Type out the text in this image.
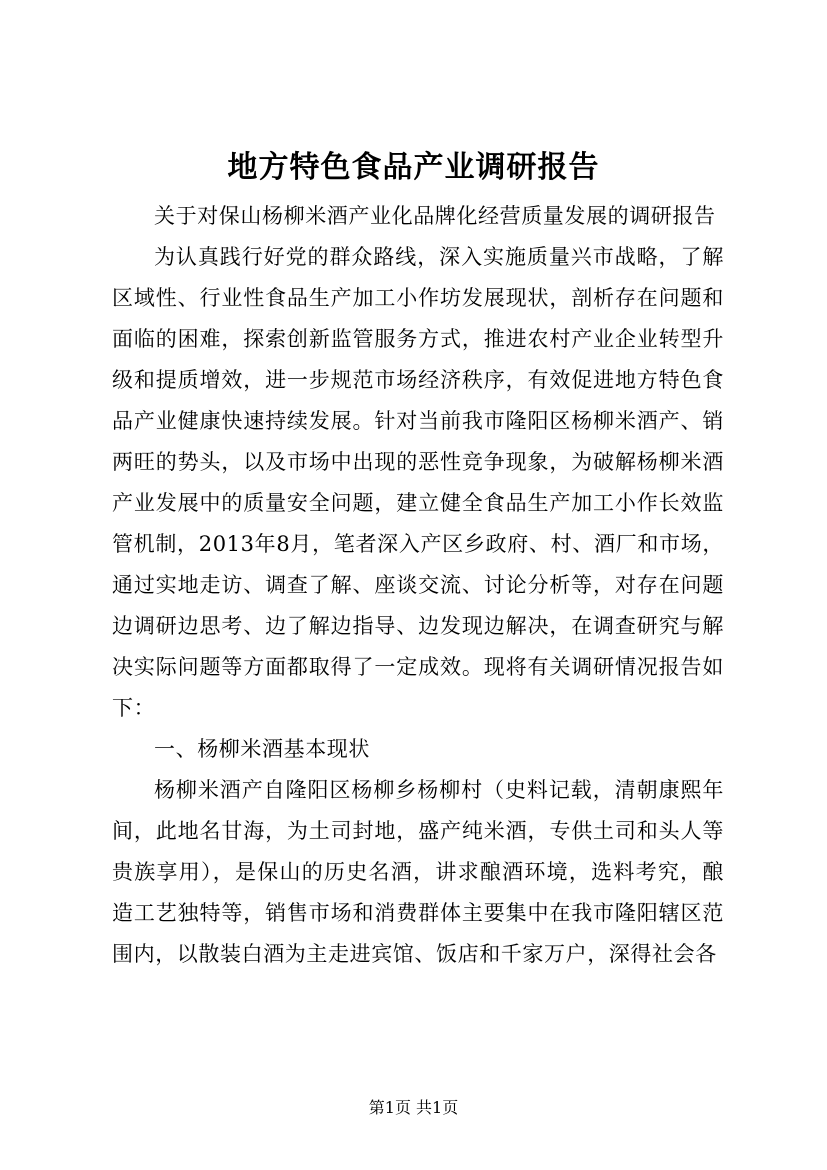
地方特色食品产业调研报告

关于对保山杨柳米酒产业化品牌化经营质量发展的调研报告

为认真践行好党的群众路线，深入实施质量兴市战略，了解区域性、行业性食品生产加工小作坊发展现状，剖析存在问题和面临的困难，探索创新监管服务方式，推进农村产业企业转型升级和提质增效，进一步规范市场经济秩序，有效促进地方特色食品产业健康快速持续发展。针对当前我市隆阳区杨柳米酒产、销两旺的势头，以及市场中出现的恶性竞争现象，为破解杨柳米酒产业发展中的质量安全问题，建立健全食品生产加工小作长效监管机制，2013年8月，笔者深入产区乡政府、村、酒厂和市场，通过实地走访、调查了解、座谈交流、讨论分析等，对存在问题边调研边思考、边了解边指导、边发现边解决，在调查研究与解决实际问题等方面都取得了一定成效。现将有关调研情况报告如下：

一、杨柳米酒基本现状

杨柳米酒产自隆阳区杨柳乡杨柳村（史料记载，清朝康熙年间，此地名甘海，为土司封地，盛产纯米酒，专供土司和头人等贵族享用），是保山的历史名酒，讲求酿酒环境，选料考究，酿造工艺独特等，销售市场和消费群体主要集中在我市隆阳辖区范围内，以散装白酒为主走进宾馆、饭店和千家万户，深得社会各

第1页 共1页
